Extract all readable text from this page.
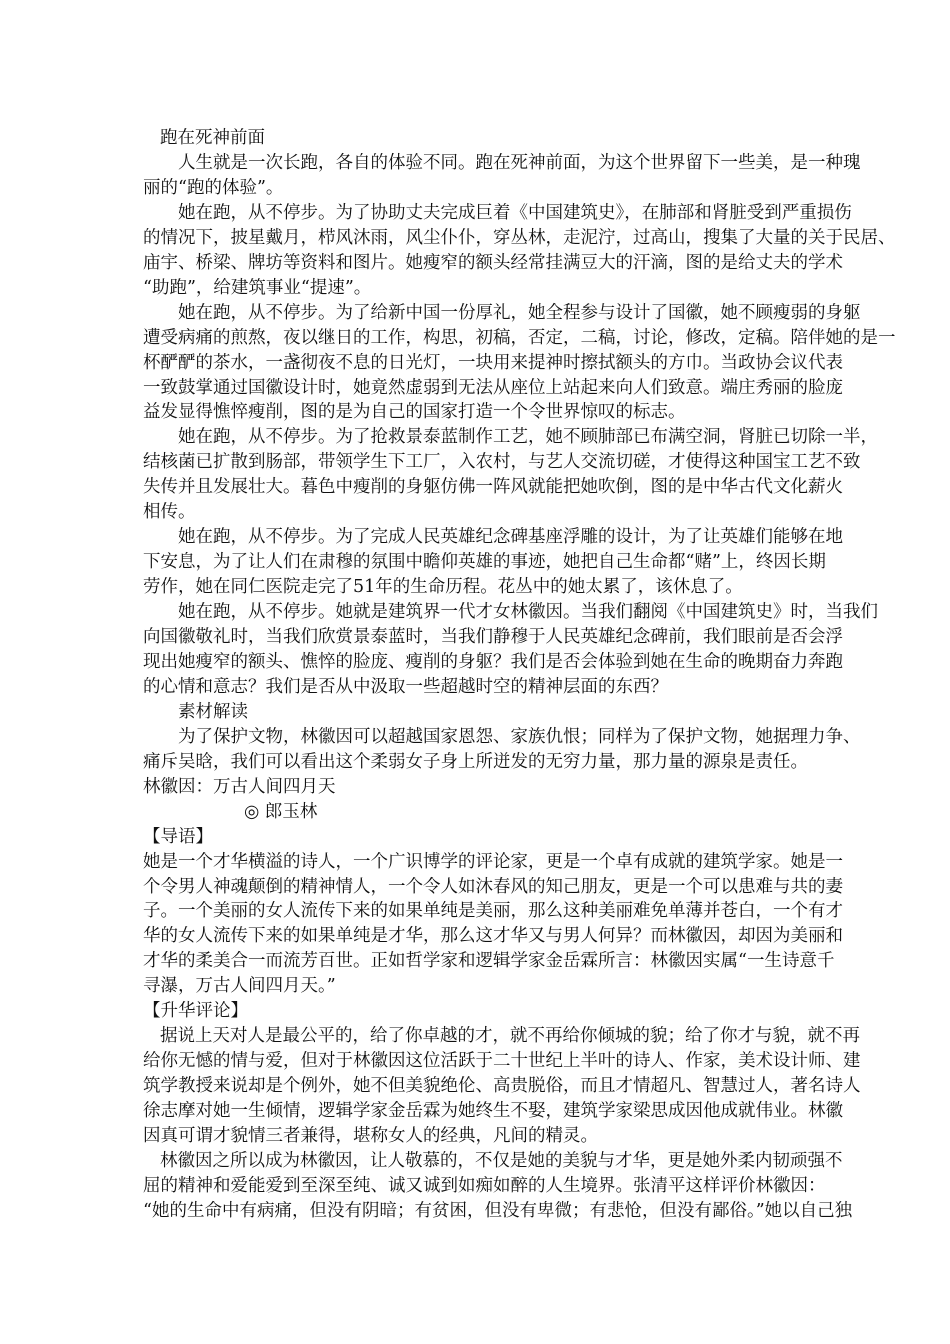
跑在死神前面
人生就是一次长跑，各自的体验不同。跑在死神前面，为这个世界留下一些美，是一种瑰
丽的“跑的体验”。
她在跑，从不停步。为了协助丈夫完成巨着《中国建筑史》，在肺部和肾脏受到严重损伤
的情况下，披星戴月，栉风沐雨，风尘仆仆，穿丛林，走泥泞，过高山，搜集了大量的关于民居、
庙宇、桥梁、牌坊等资料和图片。她瘦窄的额头经常挂满豆大的汗滴，图的是给丈夫的学术
“助跑”，给建筑事业“提速”。
她在跑，从不停步。为了给新中国一份厚礼，她全程参与设计了国徽，她不顾瘦弱的身躯
遭受病痛的煎熬，夜以继日的工作，构思，初稿，否定，二稿，讨论，修改，定稿。陪伴她的是一
杯酽酽的茶水，一盏彻夜不息的日光灯，一块用来提神时擦拭额头的方巾。当政协会议代表
一致鼓掌通过国徽设计时，她竟然虚弱到无法从座位上站起来向人们致意。端庄秀丽的脸庞
益发显得憔悴瘦削，图的是为自己的国家打造一个令世界惊叹的标志。
她在跑，从不停步。为了抢救景泰蓝制作工艺，她不顾肺部已布满空洞，肾脏已切除一半，
结核菌已扩散到肠部，带领学生下工厂，入农村，与艺人交流切磋，才使得这种国宝工艺不致
失传并且发展壮大。暮色中瘦削的身躯仿佛一阵风就能把她吹倒，图的是中华古代文化薪火
相传。
她在跑，从不停步。为了完成人民英雄纪念碑基座浮雕的设计，为了让英雄们能够在地
下安息，为了让人们在肃穆的氛围中瞻仰英雄的事迹，她把自己生命都“赌”上，终因长期
劳作，她在同仁医院走完了51年的生命历程。花丛中的她太累了，该休息了。
她在跑，从不停步。她就是建筑界一代才女林徽因。当我们翻阅《中国建筑史》时，当我们
向国徽敬礼时，当我们欣赏景泰蓝时，当我们静穆于人民英雄纪念碑前，我们眼前是否会浮
现出她瘦窄的额头、憔悴的脸庞、瘦削的身躯？我们是否会体验到她在生命的晚期奋力奔跑
的心情和意志？我们是否从中汲取一些超越时空的精神层面的东西？
素材解读
为了保护文物，林徽因可以超越国家恩怨、家族仇恨；同样为了保护文物，她据理力争、
痛斥吴晗，我们可以看出这个柔弱女子身上所迸发的无穷力量，那力量的源泉是责任。
林徽因：万古人间四月天
◎ 郎玉林
【导语】
她是一个才华横溢的诗人，一个广识博学的评论家，更是一个卓有成就的建筑学家。她是一
个令男人神魂颠倒的精神情人，一个令人如沐春风的知己朋友，更是一个可以患难与共的妻
子。一个美丽的女人流传下来的如果单纯是美丽，那么这种美丽难免单薄并苍白，一个有才
华的女人流传下来的如果单纯是才华，那么这才华又与男人何异？而林徽因，却因为美丽和
才华的柔美合一而流芳百世。正如哲学家和逻辑学家金岳霖所言：林徽因实属“一生诗意千
寻瀑，万古人间四月天。”
【升华评论】
据说上天对人是最公平的，给了你卓越的才，就不再给你倾城的貌；给了你才与貌，就不再
给你无憾的情与爱，但对于林徽因这位活跃于二十世纪上半叶的诗人、作家，美术设计师、建
筑学教授来说却是个例外，她不但美貌绝伦、高贵脱俗，而且才情超凡、智慧过人，著名诗人
徐志摩对她一生倾情，逻辑学家金岳霖为她终生不娶，建筑学家梁思成因他成就伟业。林徽
因真可谓才貌情三者兼得，堪称女人的经典，凡间的精灵。
林徽因之所以成为林徽因，让人敬慕的，不仅是她的美貌与才华，更是她外柔内韧顽强不
屈的精神和爱能爱到至深至纯、诚又诚到如痴如醉的人生境界。张清平这样评价林徽因：
“她的生命中有病痛，但没有阴暗；有贫困，但没有卑微；有悲怆，但没有鄙俗。”她以自己独
